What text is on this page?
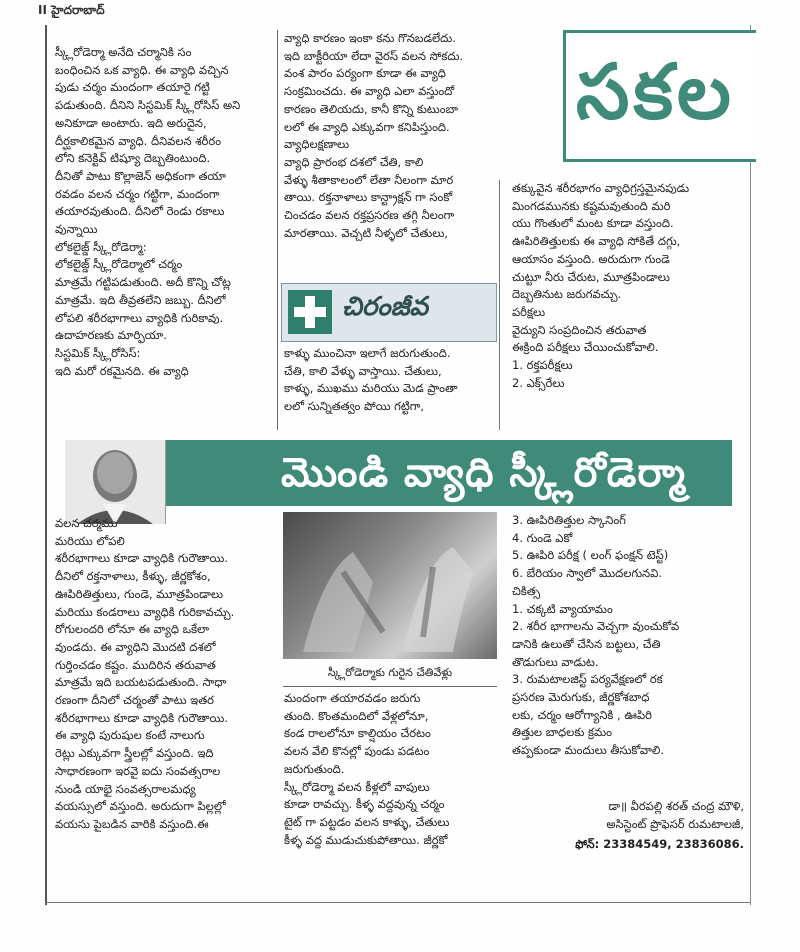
II హైదరాబాద్
స్క్లీరోడెర్మా అనేది చర్మానికి సం
బంధించిన ఒక వ్యాధి. ఈ వ్యాధి వచ్చిన
పుడు చర్మం మందంగా తయారై గట్టి
పడుతుంది. దీనిని సిస్టమిక్ స్క్లీరోసిస్ అని
అనికూడా అంటారు. ఇది అరుదైన,
దీర్ఘకాలికమైన వ్యాధి. దీనివలన శరీరం
లోని కనెక్టివ్ టిష్యూ దెబ్బతింటుంది.
దీనితో పాటు కొల్లాజెన్ అధికంగా తయా
రవడం వలన చర్మం గట్టిగా, మందంగా
తయారవుతుంది. దీనిలో రెండు రకాలు
వున్నాయి
లోకలైజ్డ్ స్క్లీరోడెర్మా:
లోకలైజ్డ్ స్క్లీరోడెర్మాలో చర్మం
మాత్రమే గట్టిపడుతుంది. అదీ కొన్ని చోట్ల
మాత్రమే. ఇది తీవ్రతలేని జబ్బు. దీనిలో
లోపలి శరీరభాగాలు వ్యాధికి గురికావు.
ఉదాహరణకు మార్ఫియా.
సిస్టమిక్ స్క్లీరోసిస్:
ఇది మరో రకమైనది. ఈ వ్యాధి
వ్యాధి కారణం ఇంకా కను గొనబడలేదు.
ఇది బాక్టీరియా లేదా వైరస్ వలన సోకదు.
వంశ పారం పర్యంగా కూడా ఈ వ్యాధి
సంక్రమించదు. ఈ వ్యాధి ఎలా వస్తుందో
కారణం తెలియదు, కానీ కొన్ని కుటుంబా
లలో ఈ వ్యాధి ఎక్కువగా కనిపిస్తుంది.
వ్యాధిలక్షణాలు
వ్యాధి ప్రారంభ దశలో చేతి, కాలి
వేళ్ళు శీతాకాలంలో లేతా నీలంగా మార
తాయి. రక్తనాళాలు కాన్ట్రాక్షన్ గా సంకో
చించడం వలన రక్తప్రసరణ తగ్గి నీలంగా
మారతాయి. వెచ్చటి నీళ్ళలో చేతులు,
చిరంజీవ
కాళ్ళు ముంచినా ఇలాగే జరుగుతుంది.
చేతి, కాలి వేళ్ళు వాస్తాయి. చేతులు,
కాళ్ళు, ముఖము మరియు మెడ ప్రాంతా
లలో సున్నితత్వం పోయి గట్టిగా,
సకల
తక్కువైన శరీరభాగం వ్యాధిగ్రస్తమైనపుడు
మింగడమునకు కష్టమవుతుంది మరి
యు గొంతులో మంట కూడా వస్తుంది.
ఊపిరితిత్తులకు ఈ వ్యాధి సోకితే దగ్గు,
ఆయాసం వస్తుంది. అరుదుగా గుండె
చుట్టూ నీరు చేరుట, మూత్రపిండాలు
దెబ్బతినుట జరుగవచ్చు.
పరీక్షలు
వైద్యుని సంప్రదించిన తరువాత
ఈక్రింది పరీక్షలు చేయించుకోవాలి.
1. రక్తపరీక్షలు
2. ఎక్స్‌రేలు
మొండి వ్యాధి స్క్లీరోడెర్మా
వలన చర్మము
మరియు లోపలి
శరీరభాగాలు కూడా వ్యాధికి గురౌతాయి.
దీనిలో రక్తనాళాలు, కీళ్ళు, జీర్ణకోశం,
ఊపిరితిత్తులు, గుండె, మూత్రపిండాలు
మరియు కండరాలు వ్యాధికి గురికావచ్చు.
రోగులందరి లోనూ ఈ వ్యాధి ఒకేలా
వుండదు. ఈ వ్యాధిని మొదటి దశలో
గుర్తించడం కష్టం. ముదిరిన తరువాత
మాత్రమే ఇది బయటపడుతుంది. సాధా
రణంగా దీనిలో చర్మంతో పాటు ఇతర
శరీరభాగాలు కూడా వ్యాధికి గురౌతాయి.
ఈ వ్యాధి పురుషుల కంటే నాలుగు
రెట్లు ఎక్కువగా స్త్రీలల్లో వస్తుంది. ఇది
సాధారణంగా ఇరవై ఐదు సంవత్సరాల
నుండి యాభై సంవత్సరాలమధ్య
వయస్సులో వస్తుంది. అరుదుగా పిల్లల్లో
వయసు పైబడిన వారికి వస్తుంది.ఈ
స్క్లీరోడెర్మాకు గురైన చేతివేళ్లు
మందంగా తయారవడం జరుగు
తుంది. కొంతమందిలో వేళ్లలోనూ,
కండ రాలలోనూ కాల్షియం చేరటం
వలన వేలి కొనల్లో పుండు పడటం
జరుగుతుంది.
స్క్లీరోడెర్మా వలన కీళ్లలో వాపులు
కూడా రావచ్చు. కీళ్ళ వద్దవున్న చర్మం
టైట్ గా పట్టడం వలన కాళ్ళు, చేతులు
కీళ్ళ వద్ద ముడుచుకుపోతాయి. జీర్ణకో
3. ఊపిరితిత్తుల స్కానింగ్
4. గుండె ఎకో
5. ఊపిరి పరీక్ష ( లంగ్ ఫంక్షన్ టెస్ట్)
6. బేరియం స్వాలో మొదలగునవి.
చికిత్స
1. చక్కటి వ్యాయామం
2. శరీర భాగాలను వెచ్చగా వుంచుకోవ
డానికి ఉలుతో చేసిన బట్టలు, చేతి
తొడుగులు వాడుట.
3. రుమటాలజిస్ట్ పర్యవేక్షణలో రక
ప్రసరణ మెరుగుకు, జీర్ణకోశబాధ
లకు, చర్మం ఆరోగ్యానికి , ఊపిరి
తిత్తుల బాధలకు క్రమం
తప్పకుండా మందులు తీసుకోవాలి.
డా॥ వీరపల్లి శరత్ చంద్ర మౌళి,
అసిస్టెంట్ ప్రొఫెసర్ రుమటాలజీ,
ఫోన్: 23384549, 23836086.
